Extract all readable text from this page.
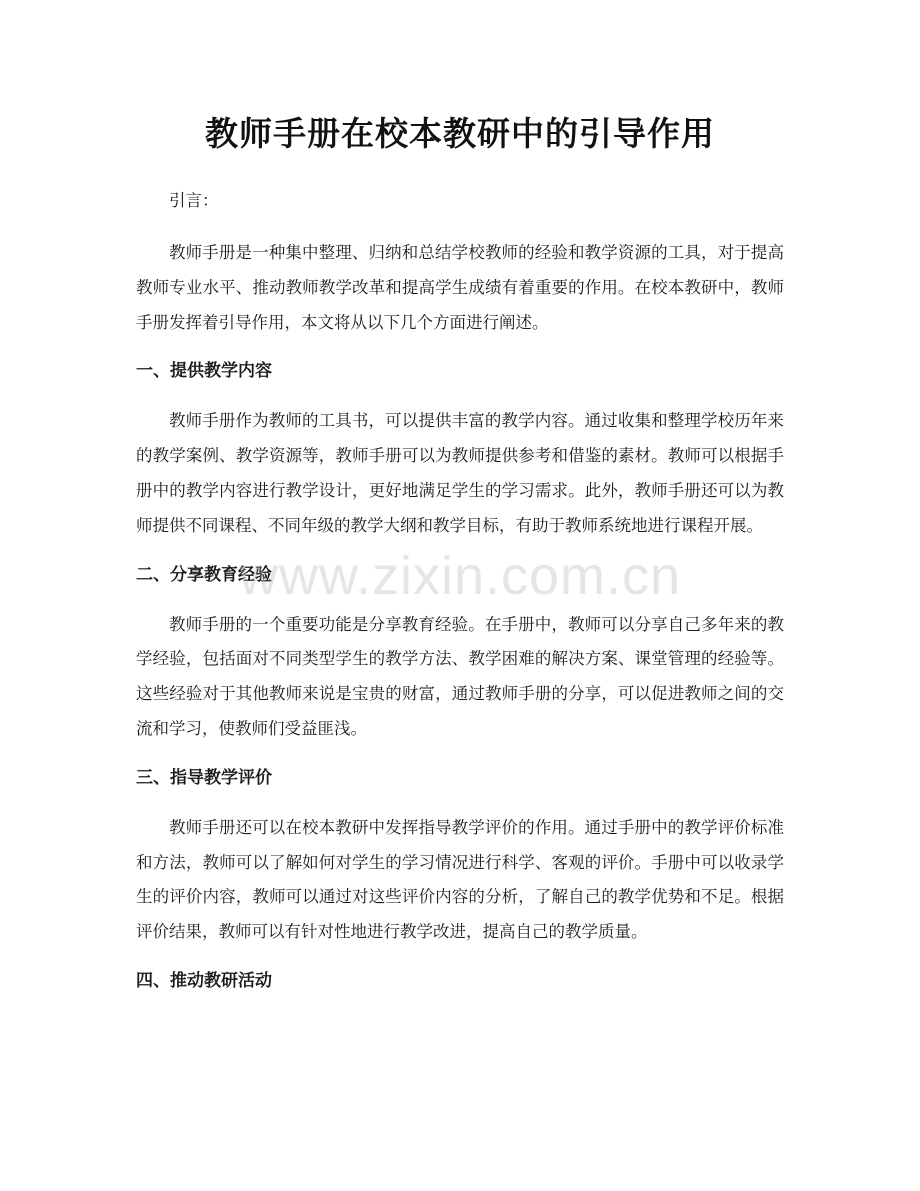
教师手册在校本教研中的引导作用

引言：

教师手册是一种集中整理、归纳和总结学校教师的经验和教学资源的工具，对于提高教师专业水平、推动教师教学改革和提高学生成绩有着重要的作用。在校本教研中，教师手册发挥着引导作用，本文将从以下几个方面进行阐述。

一、提供教学内容

教师手册作为教师的工具书，可以提供丰富的教学内容。通过收集和整理学校历年来的教学案例、教学资源等，教师手册可以为教师提供参考和借鉴的素材。教师可以根据手册中的教学内容进行教学设计，更好地满足学生的学习需求。此外，教师手册还可以为教师提供不同课程、不同年级的教学大纲和教学目标，有助于教师系统地进行课程开展。

二、分享教育经验

教师手册的一个重要功能是分享教育经验。在手册中，教师可以分享自己多年来的教学经验，包括面对不同类型学生的教学方法、教学困难的解决方案、课堂管理的经验等。这些经验对于其他教师来说是宝贵的财富，通过教师手册的分享，可以促进教师之间的交流和学习，使教师们受益匪浅。

三、指导教学评价

教师手册还可以在校本教研中发挥指导教学评价的作用。通过手册中的教学评价标准和方法，教师可以了解如何对学生的学习情况进行科学、客观的评价。手册中可以收录学生的评价内容，教师可以通过对这些评价内容的分析，了解自己的教学优势和不足。根据评价结果，教师可以有针对性地进行教学改进，提高自己的教学质量。

四、推动教研活动
www.zixin.com.cn
